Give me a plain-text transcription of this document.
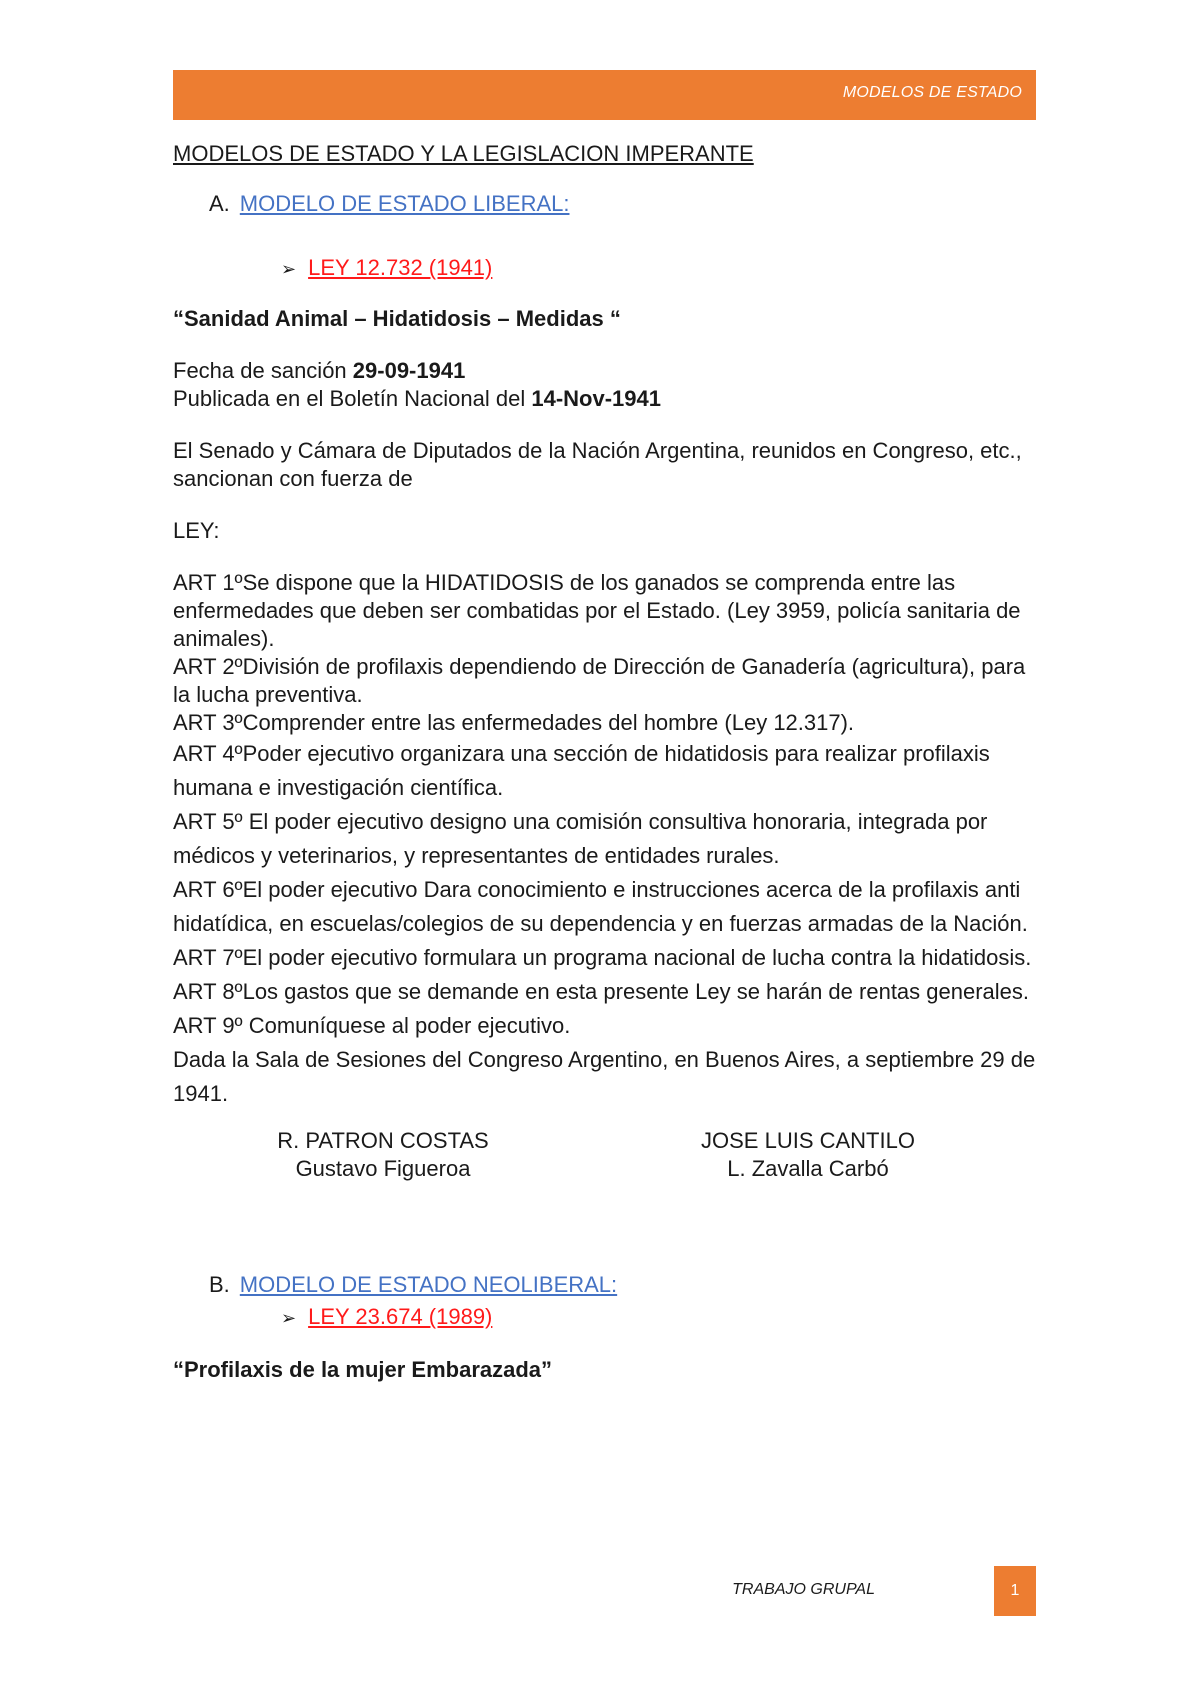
MODELOS DE ESTADO
MODELOS DE ESTADO Y LA LEGISLACION IMPERANTE
A. MODELO DE ESTADO LIBERAL:
➢ LEY 12.732 (1941)
“Sanidad Animal – Hidatidosis – Medidas “
Fecha de sanción 29-09-1941
Publicada en el Boletín Nacional del 14-Nov-1941
El Senado y Cámara de Diputados de la Nación Argentina, reunidos en Congreso, etc., sancionan con fuerza de
LEY:
ART 1ºSe dispone que la HIDATIDOSIS de los ganados se comprenda entre las enfermedades que deben ser combatidas por el Estado. (Ley 3959, policía sanitaria de animales).
ART 2ºDivisión de profilaxis dependiendo de Dirección de Ganadería (agricultura), para la lucha preventiva.
ART 3ºComprender entre las enfermedades del hombre (Ley 12.317).
ART 4ºPoder ejecutivo organizara una sección de hidatidosis para realizar profilaxis humana e investigación científica.
ART 5º El poder ejecutivo designo una comisión consultiva honoraria, integrada por médicos y veterinarios, y representantes de entidades rurales.
ART 6ºEl poder ejecutivo Dara conocimiento e instrucciones acerca de la profilaxis anti hidatídica, en escuelas/colegios de su dependencia y en fuerzas armadas de la Nación.
ART 7ºEl poder ejecutivo formulara un programa nacional de lucha contra la hidatidosis.
ART 8ºLos gastos que se demande en esta presente Ley se harán de rentas generales.
ART 9º Comuníquese al poder ejecutivo.
Dada la Sala de Sesiones del Congreso Argentino, en Buenos Aires, a septiembre 29 de 1941.
R. PATRON COSTAS
Gustavo Figueroa
JOSE LUIS CANTILO
L. Zavalla Carbó
B. MODELO DE ESTADO NEOLIBERAL:
➢ LEY 23.674 (1989)
“Profilaxis de la mujer Embarazada”
TRABAJO GRUPAL	1
